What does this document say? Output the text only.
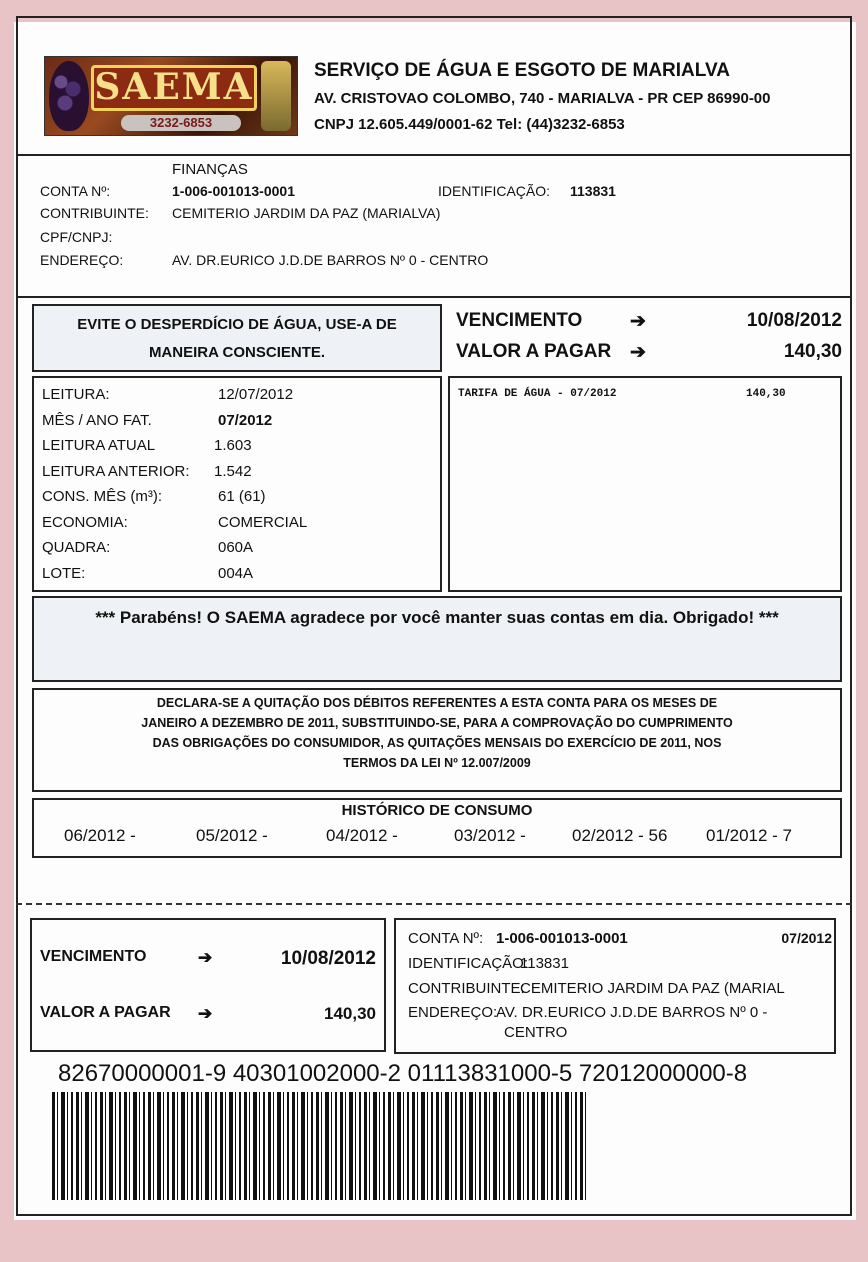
SAEMA
3232-6853
SERVIÇO DE ÁGUA E ESGOTO DE MARIALVA
AV. CRISTOVAO COLOMBO, 740 - MARIALVA - PR CEP 86990-00
CNPJ 12.605.449/0001-62 Tel: (44)3232-6853
FINANÇAS
CONTA Nº:	1-006-001013-0001	IDENTIFICAÇÃO: 113831
CONTRIBUINTE: CEMITERIO JARDIM DA PAZ (MARIALVA)
CPF/CNPJ:
ENDEREÇO:	AV. DR.EURICO J.D.DE BARROS Nº 0 - CENTRO
EVITE O DESPERDÍCIO DE ÁGUA, USE-A DE
MANEIRA CONSCIENTE.
VENCIMENTO	➔	10/08/2012
VALOR A PAGAR ➔	140,30
LEITURA:	12/07/2012
MÊS / ANO FAT.	07/2012
LEITURA ATUAL	1.603
LEITURA ANTERIOR: 1.542
CONS. MÊS (m³):	61 (61)
ECONOMIA:	COMERCIAL
QUADRA:	060A
LOTE:	004A
TARIFA DE ÁGUA - 07/2012	140,30
*** Parabéns! O SAEMA agradece por você manter suas contas em dia. Obrigado! ***
DECLARA-SE A QUITAÇÃO DOS DÉBITOS REFERENTES A ESTA CONTA PARA OS MESES DE
JANEIRO A DEZEMBRO DE 2011, SUBSTITUINDO-SE, PARA A COMPROVAÇÃO DO CUMPRIMENTO
DAS OBRIGAÇÕES DO CONSUMIDOR, AS QUITAÇÕES MENSAIS DO EXERCÍCIO DE 2011, NOS
TERMOS DA LEI Nº 12.007/2009
HISTÓRICO DE CONSUMO
06/2012 -	05/2012 -	04/2012 -	03/2012 -	02/2012 - 56 01/2012 - 7
VENCIMENTO	➔	10/08/2012
VALOR A PAGAR ➔	140,30
CONTA Nº: 1-006-001013-0001	07/2012
IDENTIFICAÇÃO:
113831
CONTRIBUINTE:
CEMITERIO JARDIM DA PAZ (MARIAL
ENDEREÇO:
AV. DR.EURICO J.D.DE BARROS Nº 0 -
CENTRO
82670000001-9 40301002000-2 01113831000-5 72012000000-8
